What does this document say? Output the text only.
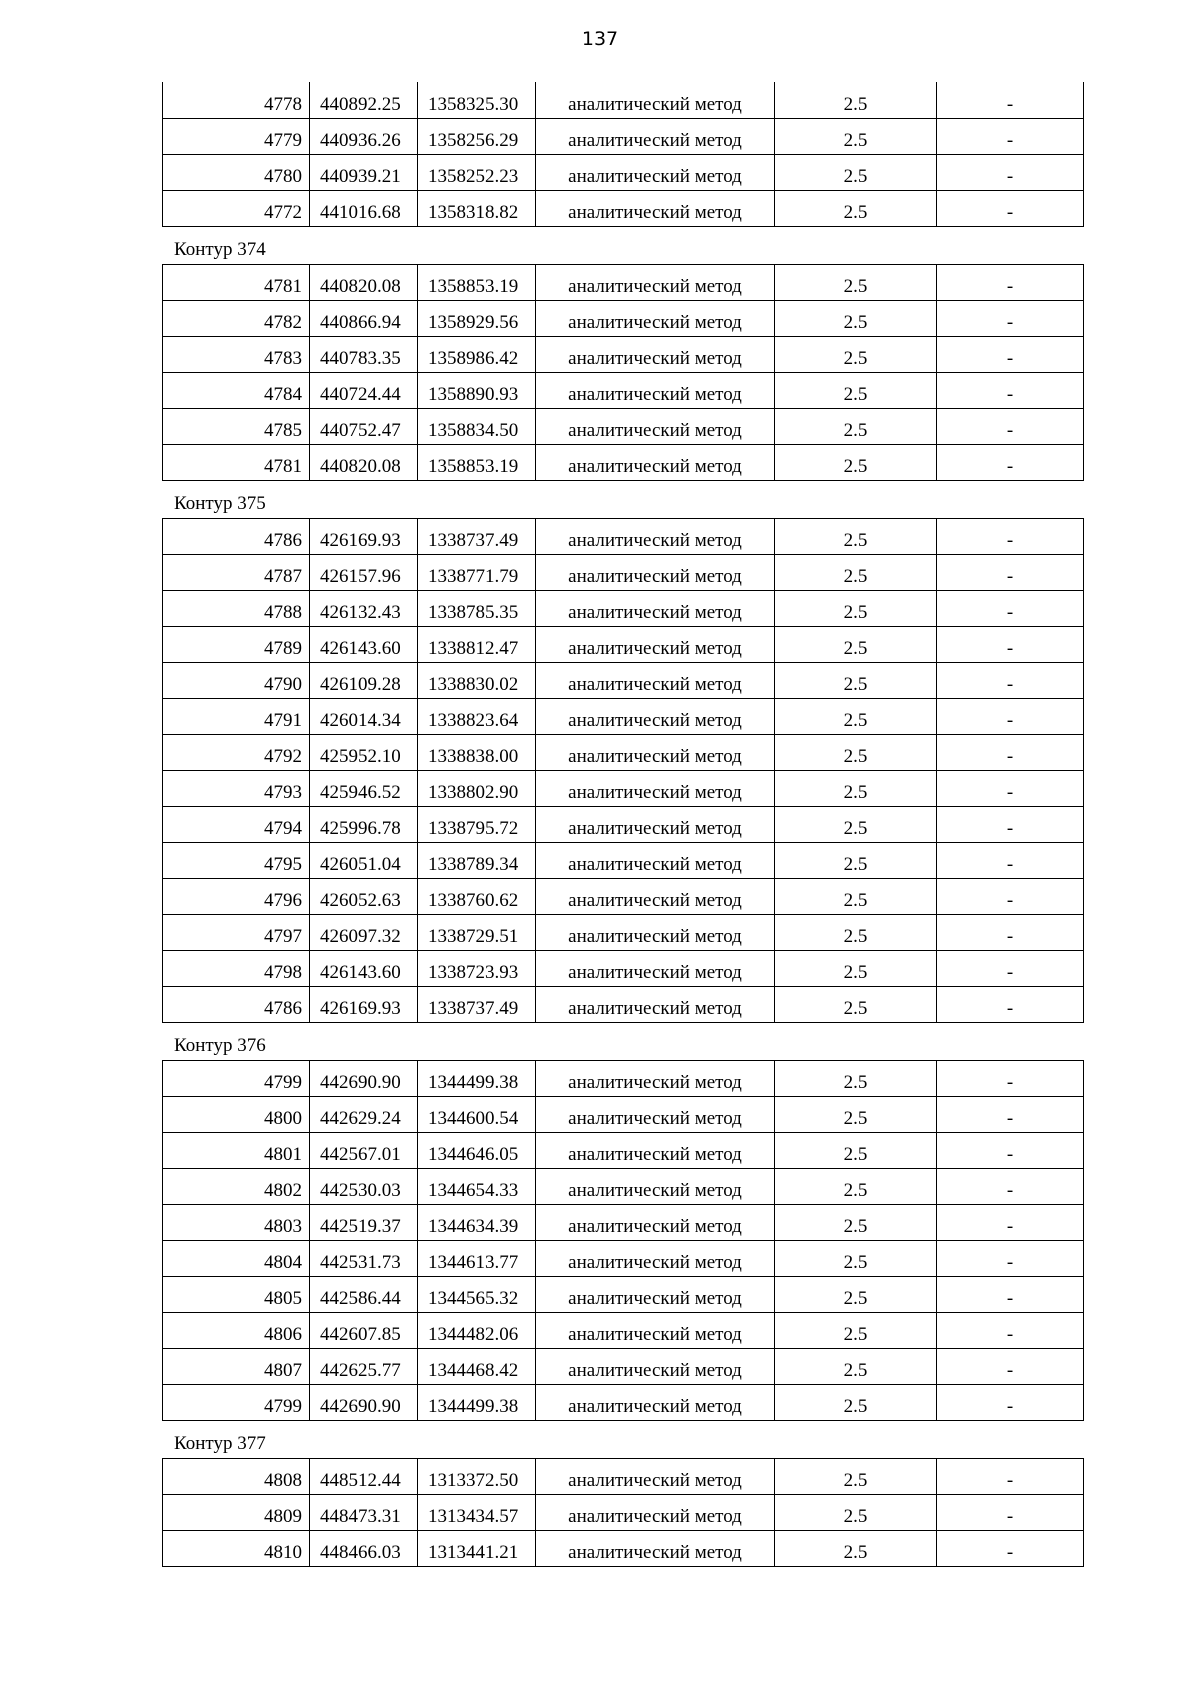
137
4778	440892.25	1358325.30	аналитический метод	2.5	-
4779	440936.26	1358256.29	аналитический метод	2.5	-
4780	440939.21	1358252.23	аналитический метод	2.5	-
4772	441016.68	1358318.82	аналитический метод	2.5	-
Контур 374
4781	440820.08	1358853.19	аналитический метод	2.5	-
4782	440866.94	1358929.56	аналитический метод	2.5	-
4783	440783.35	1358986.42	аналитический метод	2.5	-
4784	440724.44	1358890.93	аналитический метод	2.5	-
4785	440752.47	1358834.50	аналитический метод	2.5	-
4781	440820.08	1358853.19	аналитический метод	2.5	-
Контур 375
4786	426169.93	1338737.49	аналитический метод	2.5	-
4787	426157.96	1338771.79	аналитический метод	2.5	-
4788	426132.43	1338785.35	аналитический метод	2.5	-
4789	426143.60	1338812.47	аналитический метод	2.5	-
4790	426109.28	1338830.02	аналитический метод	2.5	-
4791	426014.34	1338823.64	аналитический метод	2.5	-
4792	425952.10	1338838.00	аналитический метод	2.5	-
4793	425946.52	1338802.90	аналитический метод	2.5	-
4794	425996.78	1338795.72	аналитический метод	2.5	-
4795	426051.04	1338789.34	аналитический метод	2.5	-
4796	426052.63	1338760.62	аналитический метод	2.5	-
4797	426097.32	1338729.51	аналитический метод	2.5	-
4798	426143.60	1338723.93	аналитический метод	2.5	-
4786	426169.93	1338737.49	аналитический метод	2.5	-
Контур 376
4799	442690.90	1344499.38	аналитический метод	2.5	-
4800	442629.24	1344600.54	аналитический метод	2.5	-
4801	442567.01	1344646.05	аналитический метод	2.5	-
4802	442530.03	1344654.33	аналитический метод	2.5	-
4803	442519.37	1344634.39	аналитический метод	2.5	-
4804	442531.73	1344613.77	аналитический метод	2.5	-
4805	442586.44	1344565.32	аналитический метод	2.5	-
4806	442607.85	1344482.06	аналитический метод	2.5	-
4807	442625.77	1344468.42	аналитический метод	2.5	-
4799	442690.90	1344499.38	аналитический метод	2.5	-
Контур 377
4808	448512.44	1313372.50	аналитический метод	2.5	-
4809	448473.31	1313434.57	аналитический метод	2.5	-
4810	448466.03	1313441.21	аналитический метод	2.5	-
